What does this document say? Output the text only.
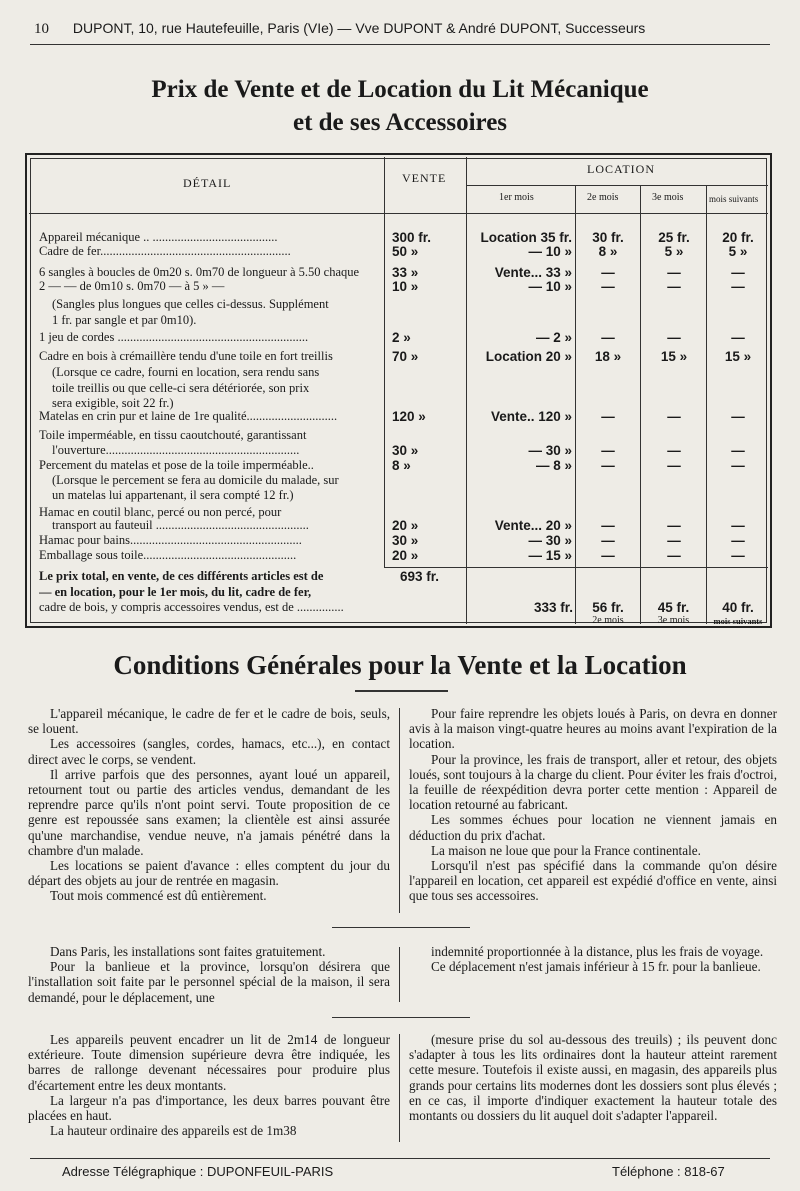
10 DUPONT, 10, rue Hautefeuille, Paris (VIe) — Vve DUPONT & André DUPONT, Successeurs
Prix de Vente et de Location du Lit Mécanique
et de ses Accessoires
DÉTAIL	VENTE
LOCATION
1er mois	2e mois	3e mois	mois suivants
Appareil mécanique .. ........................................	300 fr.	Location 35 fr.	30 fr.	25 fr.	20 fr.
Cadre de fer.............................................................	50 »	— 10 »	8 »	5 »	5 »
6 sangles à boucles de 0m20 s. 0m70 de longueur à 5.50 chaque	33 »	Vente... 33 »	—	—	—
2 — — de 0m10 s. 0m70 — à 5 » —	10 »	— 10 »	—	—	—
(Sangles plus longues que celles ci-dessus. Supplément
1 fr. par sangle et par 0m10).
1 jeu de cordes .............................................................	2 »	— 2 »	—	—	—
Cadre en bois à crémaillère tendu d'une toile en fort treillis	70 »	Location 20 »	18 »	15 »	15 »
(Lorsque ce cadre, fourni en location, sera rendu sans
toile treillis ou que celle-ci sera détériorée, son prix
sera exigible, soit 22 fr.)
Matelas en crin pur et laine de 1re qualité.............................	120 »	Vente.. 120 »	—	—	—
Toile imperméable, en tissu caoutchouté, garantissant
l'ouverture..............................................................	30 »	— 30 »	—	—	—
Percement du matelas et pose de la toile imperméable..	8 »	— 8 »	—	—	—
(Lorsque le percement se fera au domicile du malade, sur
un matelas lui appartenant, il sera compté 12 fr.)
Hamac en coutil blanc, percé ou non percé, pour
transport au fauteuil .................................................	20 »	Vente... 20 »	—	—	—
Hamac pour bains.......................................................	30 »	— 30 »	—	—	—
Emballage sous toile.................................................	20 »	— 15 »	—	—	—
Le prix total, en vente, de ces différents articles est de	693 fr.
— en location, pour le 1er mois, du lit, cadre de fer,
cadre de bois, y compris accessoires vendus, est de ...............	333 fr.	56 fr.	45 fr.	40 fr.
2e mois	3e mois	mois suivants
Conditions Générales pour la Vente et la Location

L'appareil mécanique, le cadre de fer et le cadre de bois, seuls, se louent.

Les accessoires (sangles, cordes, hamacs, etc...), en contact direct avec le corps, se vendent.

Il arrive parfois que des personnes, ayant loué un appareil, retournent tout ou partie des articles vendus, demandant de les reprendre parce qu'ils n'ont point servi. Toute proposition de ce genre est repoussée sans examen; la clientèle est ainsi assurée qu'une marchandise, vendue neuve, n'a jamais pénétré dans la chambre d'un malade.

Les locations se paient d'avance : elles comptent du jour du départ des objets au jour de rentrée en magasin.

Tout mois commencé est dû entièrement.

Pour faire reprendre les objets loués à Paris, on devra en donner avis à la maison vingt-quatre heures au moins avant l'expiration de la location.

Pour la province, les frais de transport, aller et retour, des objets loués, sont toujours à la charge du client. Pour éviter les frais d'octroi, la feuille de réexpédition devra porter cette mention : Appareil de location retourné au fabricant.

Les sommes échues pour location ne viennent jamais en déduction du prix d'achat.

La maison ne loue que pour la France continentale.

Lorsqu'il n'est pas spécifié dans la commande qu'on désire l'appareil en location, cet appareil est expédié d'office en vente, ainsi que tous ses accessoires.

Dans Paris, les installations sont faites gratuitement.

Pour la banlieue et la province, lorsqu'on désirera que l'installation soit faite par le personnel spécial de la maison, il sera demandé, pour le déplacement, une

indemnité proportionnée à la distance, plus les frais de voyage.

Ce déplacement n'est jamais inférieur à 15 fr. pour la banlieue.

Les appareils peuvent encadrer un lit de 2m14 de longueur extérieure. Toute dimension supérieure devra être indiquée, les barres de rallonge devenant nécessaires pour produire plus d'écartement entre les deux montants.

La largeur n'a pas d'importance, les deux barres pouvant être placées en haut.

La hauteur ordinaire des appareils est de 1m38

(mesure prise du sol au-dessous des treuils) ; ils peuvent donc s'adapter à tous les lits ordinaires dont la hauteur atteint rarement cette mesure. Toutefois il existe aussi, en magasin, des appareils plus grands pour certains lits modernes dont les dossiers sont plus élevés ; en ce cas, il importe d'indiquer exactement la hauteur totale des montants ou dossiers du lit auquel doit s'adapter l'appareil.

Adresse Télégraphique : DUPONFEUIL-PARIS	Téléphone : 818-67
